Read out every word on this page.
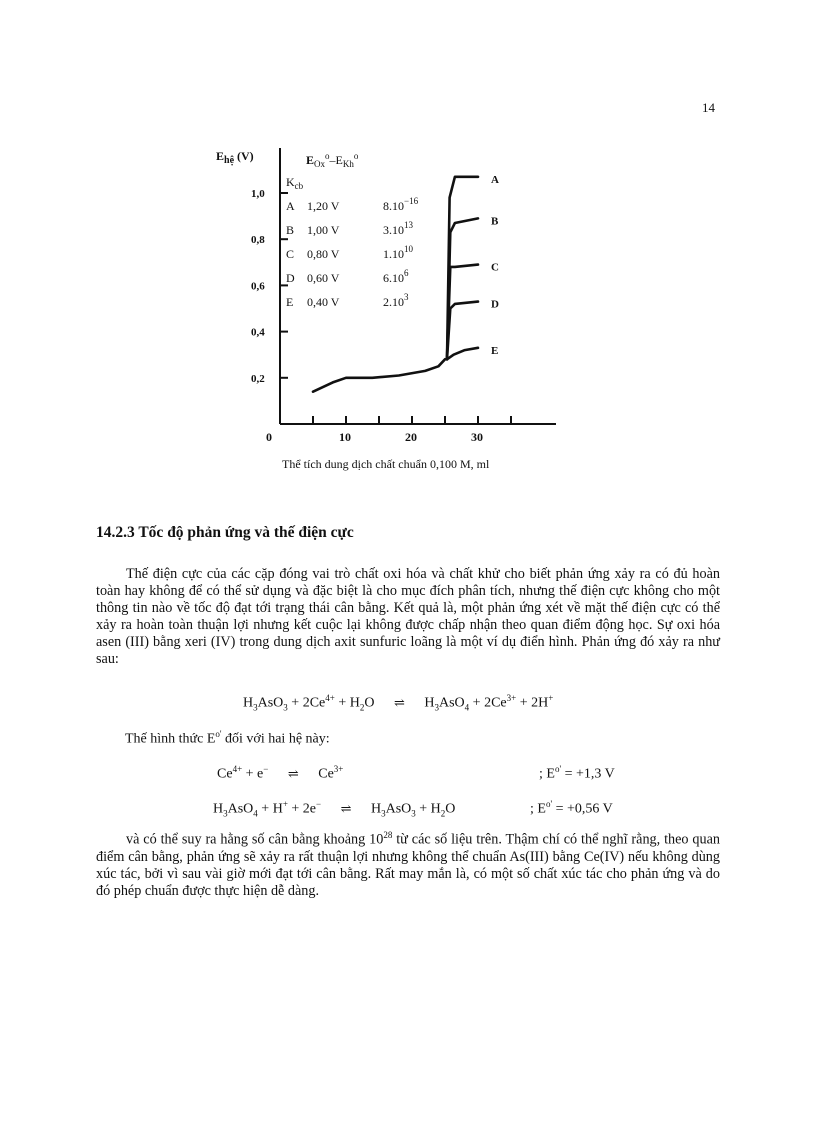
14
0,2
0,4
0,6
0,8
1,0
0	10	20	30
$E_{hệ}$ (V)	$E_{Ox}^o-E_{Kh}^o$
$K_{cb}$
A 1,20 V	$8.10^{-16}$
B 1,00 V	3.10$^{13}$
C 0,80 V	1.10$^{10}$
D 0,60 V	6.10$^6$
E 0,40 V	2.10$^3$
A
B
C
D
E
Thể tích dung dịch chất chuẩn 0,100 M, ml
14.2.3 Tốc độ phản ứng và thế điện cực

Thế điện cực của các cặp đóng vai trò chất oxi hóa và chất khử cho biết phản ứng xảy ra có đủ hoàn toàn hay không để có thể sử dụng và đặc biệt là cho mục đích phân tích, nhưng thế điện cực không cho một thông tin nào về tốc độ đạt tới trạng thái cân bằng. Kết quả là, một phản ứng xét về mặt thế điện cực có thể xảy ra hoàn toàn thuận lợi nhưng kết cuộc lại không được chấp nhận theo quan điểm động học. Sự oxi hóa asen (III) bằng xeri (IV) trong dung dịch axit sunfuric loãng là một ví dụ điển hình. Phản ứng đó xảy ra như sau:

$H_3AsO_3 + 2Ce^{4+} + H_2O$ ⇌ $H_3AsO_4 + 2Ce^{3+} + 2H^+$
Thế hình thức $E^{o'}$ đối với hai hệ này:
$Ce^{4+} + e^-$ ⇌ $Ce^{3+}$	; $E^{o'} = +1,3$ V
$H_3AsO_4 + H^+ + 2e^-$ ⇌ $H_3AsO_3 + H_2O$	; $E^{o'} = +0,56$ V

và có thể suy ra hằng số cân bằng khoảng $10^{28}$ từ các số liệu trên. Thậm chí có thể nghĩ rằng, theo quan điểm cân bằng, phản ứng sẽ xảy ra rất thuận lợi nhưng không thể chuẩn As(III) bằng Ce(IV) nếu không dùng xúc tác, bởi vì sau vài giờ mới đạt tới cân bằng. Rất may mắn là, có một số chất xúc tác cho phản ứng và do đó phép chuẩn được thực hiện dễ dàng.
